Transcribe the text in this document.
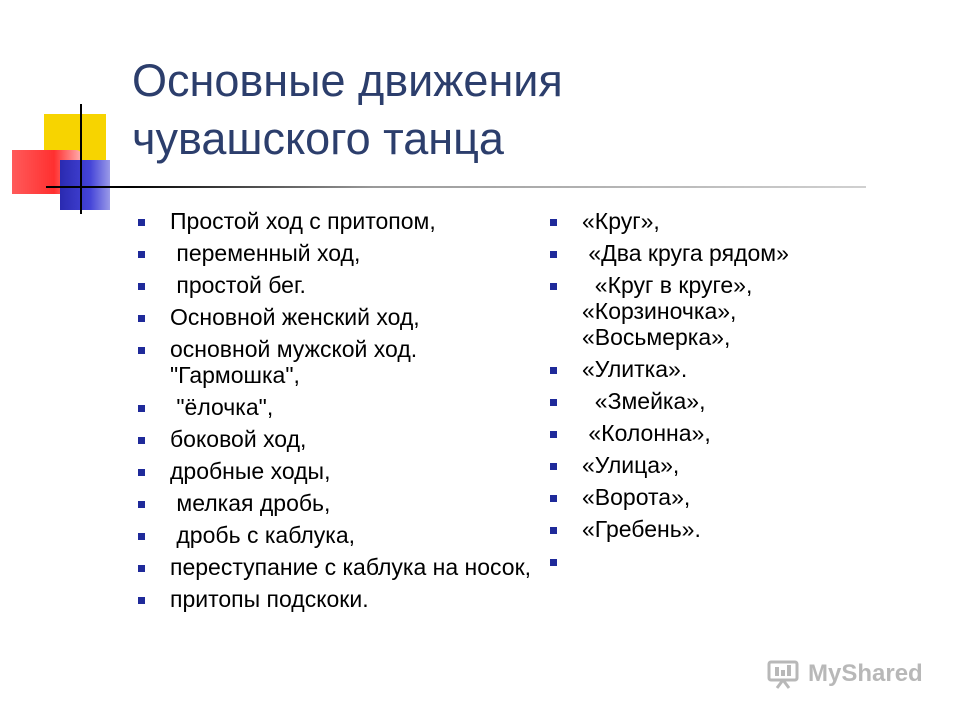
Основные движения
чувашского танца
Простой ход с притопом,
переменный ход,
простой бег.
Основной женский ход,
основной мужской ход. "Гармошка",
"ёлочка",
боковой ход,
дробные ходы,
мелкая дробь,
дробь с каблука,
переступание с каблука на носок,
притопы подскоки.
«Круг»,
«Два круга рядом»
«Круг в круге», «Корзиночка», «Восьмерка»,
«Улитка».
«Змейка»,
«Колонна»,
«Улица»,
«Ворота»,
«Гребень».
MyShared
